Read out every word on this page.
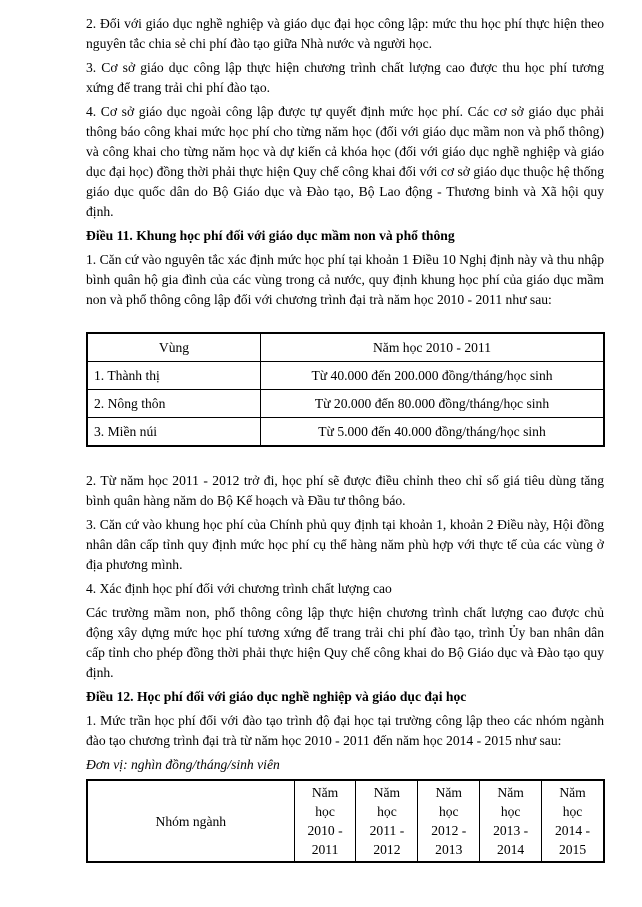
2. Đối với giáo dục nghề nghiệp và giáo dục đại học công lập: mức thu học phí thực hiện theo nguyên tắc chia sẻ chi phí đào tạo giữa Nhà nước và người học.

3. Cơ sở giáo dục công lập thực hiện chương trình chất lượng cao được thu học phí tương xứng để trang trải chi phí đào tạo.

4. Cơ sở giáo dục ngoài công lập được tự quyết định mức học phí. Các cơ sở giáo dục phải thông báo công khai mức học phí cho từng năm học (đối với giáo dục mầm non và phổ thông) và công khai cho từng năm học và dự kiến cả khóa học (đối với giáo dục nghề nghiệp và giáo dục đại học) đồng thời phải thực hiện Quy chế công khai đối với cơ sở giáo dục thuộc hệ thống giáo dục quốc dân do Bộ Giáo dục và Đào tạo, Bộ Lao động - Thương binh và Xã hội quy định.

Điều 11. Khung học phí đối với giáo dục mầm non và phổ thông

1. Căn cứ vào nguyên tắc xác định mức học phí tại khoản 1 Điều 10 Nghị định này và thu nhập bình quân hộ gia đình của các vùng trong cả nước, quy định khung học phí của giáo dục mầm non và phổ thông công lập đối với chương trình đại trà năm học 2010 - 2011 như sau:

Vùng	Năm học 2010 - 2011
1. Thành thị	Từ 40.000 đến 200.000 đồng/tháng/học sinh
2. Nông thôn	Từ 20.000 đến 80.000 đồng/tháng/học sinh
3. Miền núi	Từ 5.000 đến 40.000 đồng/tháng/học sinh

2. Từ năm học 2011 - 2012 trở đi, học phí sẽ được điều chỉnh theo chỉ số giá tiêu dùng tăng bình quân hàng năm do Bộ Kế hoạch và Đầu tư thông báo.

3. Căn cứ vào khung học phí của Chính phủ quy định tại khoản 1, khoản 2 Điều này, Hội đồng nhân dân cấp tỉnh quy định mức học phí cụ thể hàng năm phù hợp với thực tế của các vùng ở địa phương mình.

4. Xác định học phí đối với chương trình chất lượng cao

Các trường mầm non, phổ thông công lập thực hiện chương trình chất lượng cao được chủ động xây dựng mức học phí tương xứng để trang trải chi phí đào tạo, trình Ủy ban nhân dân cấp tỉnh cho phép đồng thời phải thực hiện Quy chế công khai do Bộ Giáo dục và Đào tạo quy định.

Điều 12. Học phí đối với giáo dục nghề nghiệp và giáo dục đại học

1. Mức trần học phí đối với đào tạo trình độ đại học tại trường công lập theo các nhóm ngành đào tạo chương trình đại trà từ năm học 2010 - 2011 đến năm học 2014 - 2015 như sau:

Đơn vị: nghìn đồng/tháng/sinh viên

Nhóm ngành	Năm
học
2010 -
2011	Năm
học
2011 -
2012	Năm
học
2012 -
2013	Năm
học
2013 -
2014	Năm
học
2014 -
2015
